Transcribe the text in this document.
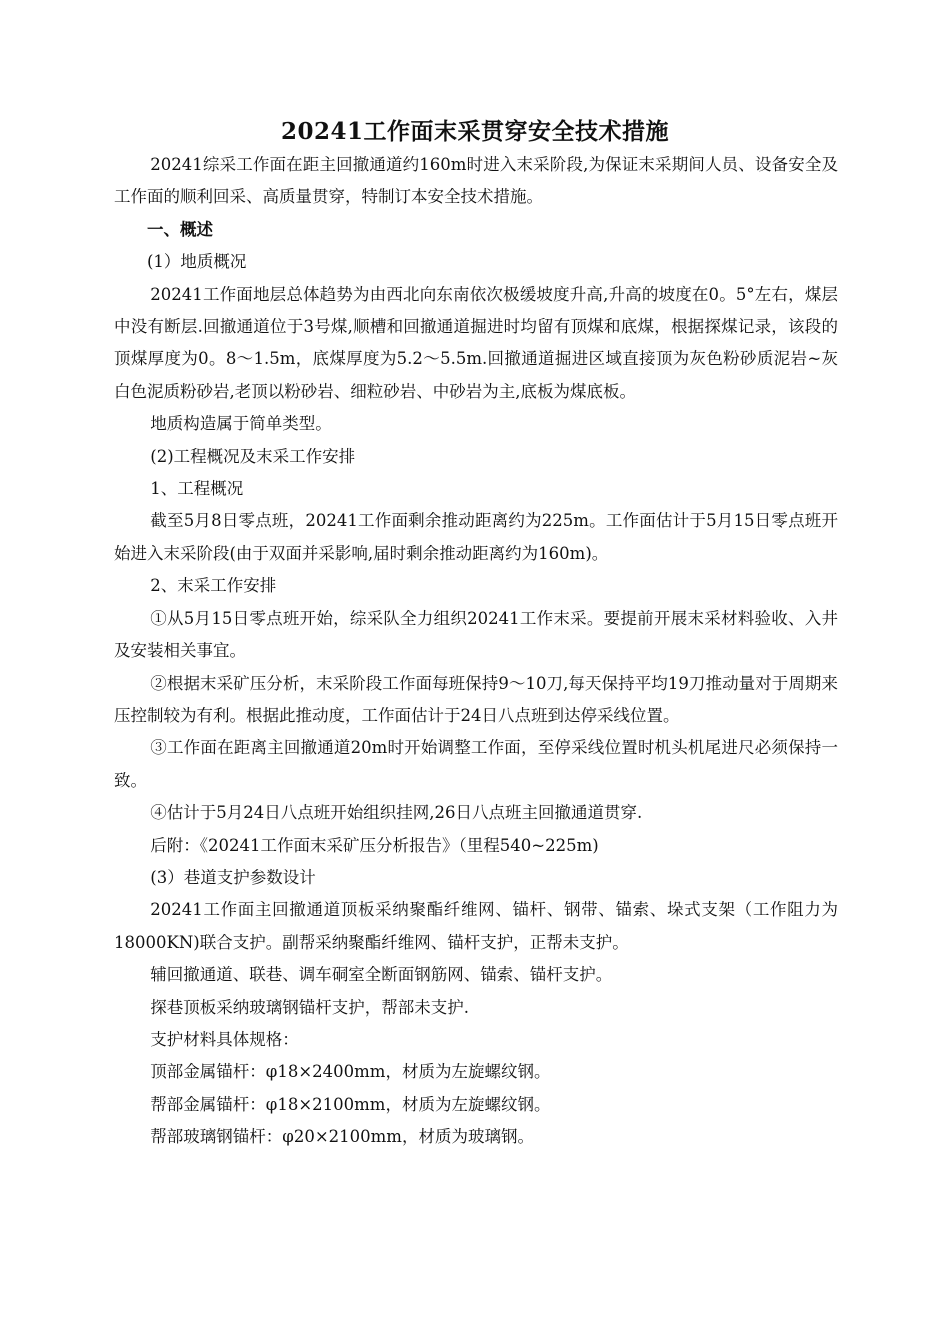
20241工作面末采贯穿安全技术措施

20241综采工作面在距主回撤通道约160m时进入末采阶段,为保证末采期间人员、设备安全及工作面的顺利回采、高质量贯穿，特制订本安全技术措施。

一、概述

(1）地质概况

20241工作面地层总体趋势为由西北向东南依次极缓坡度升高,升高的坡度在0。5°左右，煤层中没有断层.回撤通道位于3号煤,顺槽和回撤通道掘进时均留有顶煤和底煤，根据探煤记录，该段的顶煤厚度为0。8～1.5m，底煤厚度为5.2～5.5m.回撤通道掘进区域直接顶为灰色粉砂质泥岩~灰白色泥质粉砂岩,老顶以粉砂岩、细粒砂岩、中砂岩为主,底板为煤底板。

地质构造属于简单类型。

(2)工程概况及末采工作安排

1、工程概况

截至5月8日零点班，20241工作面剩余推动距离约为225m。工作面估计于5月15日零点班开始进入末采阶段(由于双面并采影响,届时剩余推动距离约为160m)。

2、末采工作安排

①从5月15日零点班开始，综采队全力组织20241工作末采。要提前开展末采材料验收、入井及安装相关事宜。

②根据末采矿压分析，末采阶段工作面每班保持9～10刀,每天保持平均19刀推动量对于周期来压控制较为有利。根据此推动度，工作面估计于24日八点班到达停采线位置。

③工作面在距离主回撤通道20m时开始调整工作面，至停采线位置时机头机尾进尺必须保持一致。

④估计于5月24日八点班开始组织挂网,26日八点班主回撤通道贯穿.

后附：《20241工作面末采矿压分析报告》（里程540~225m)

(3）巷道支护参数设计

20241工作面主回撤通道顶板采纳聚酯纤维网、锚杆、钢带、锚索、垛式支架（工作阻力为18000KN)联合支护。副帮采纳聚酯纤维网、锚杆支护，正帮未支护。

辅回撤通道、联巷、调车硐室全断面钢筋网、锚索、锚杆支护。

探巷顶板采纳玻璃钢锚杆支护，帮部未支护.

支护材料具体规格：

顶部金属锚杆：φ18×2400mm，材质为左旋螺纹钢。

帮部金属锚杆：φ18×2100mm，材质为左旋螺纹钢。

帮部玻璃钢锚杆：φ20×2100mm，材质为玻璃钢。
